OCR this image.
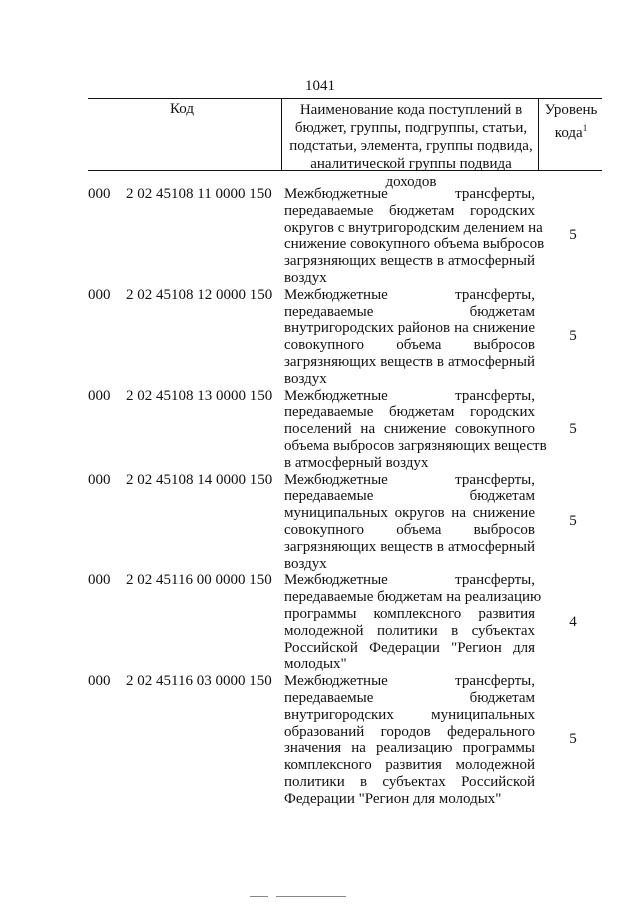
1041
Код	Наименование кода поступлений в
бюджет, группы, подгруппы, статьи,
подстатьи, элемента, группы подвида,
аналитической группы подвида доходов
Уровень
кода$^1$
000 2 02 45108 11 0000 150 Межбюджетные трансферты,
передаваемые бюджетам городских
округов с внутригородским делением на
снижение совокупного объема выбросов
загрязняющих веществ в атмосферный
воздух
5
000 2 02 45108 12 0000 150 Межбюджетные трансферты,
передаваемые бюджетам
внутригородских районов на снижение
совокупного объема выбросов
загрязняющих веществ в атмосферный
воздух
5
000 2 02 45108 13 0000 150 Межбюджетные трансферты,
передаваемые бюджетам городских
поселений на снижение совокупного
объема выбросов загрязняющих веществ
в атмосферный воздух
5
000 2 02 45108 14 0000 150 Межбюджетные трансферты,
передаваемые бюджетам
муниципальных округов на снижение
совокупного объема выбросов
загрязняющих веществ в атмосферный
воздух
5
000 2 02 45116 00 0000 150 Межбюджетные трансферты,
передаваемые бюджетам на реализацию
программы комплексного развития
молодежной политики в субъектах
Российской Федерации "Регион для
молодых"
4
000 2 02 45116 03 0000 150 Межбюджетные трансферты,
передаваемые бюджетам
внутригородских муниципальных
образований городов федерального
значения на реализацию программы
комплексного развития молодежной
политики в субъектах Российской
Федерации "Регион для молодых"
5
